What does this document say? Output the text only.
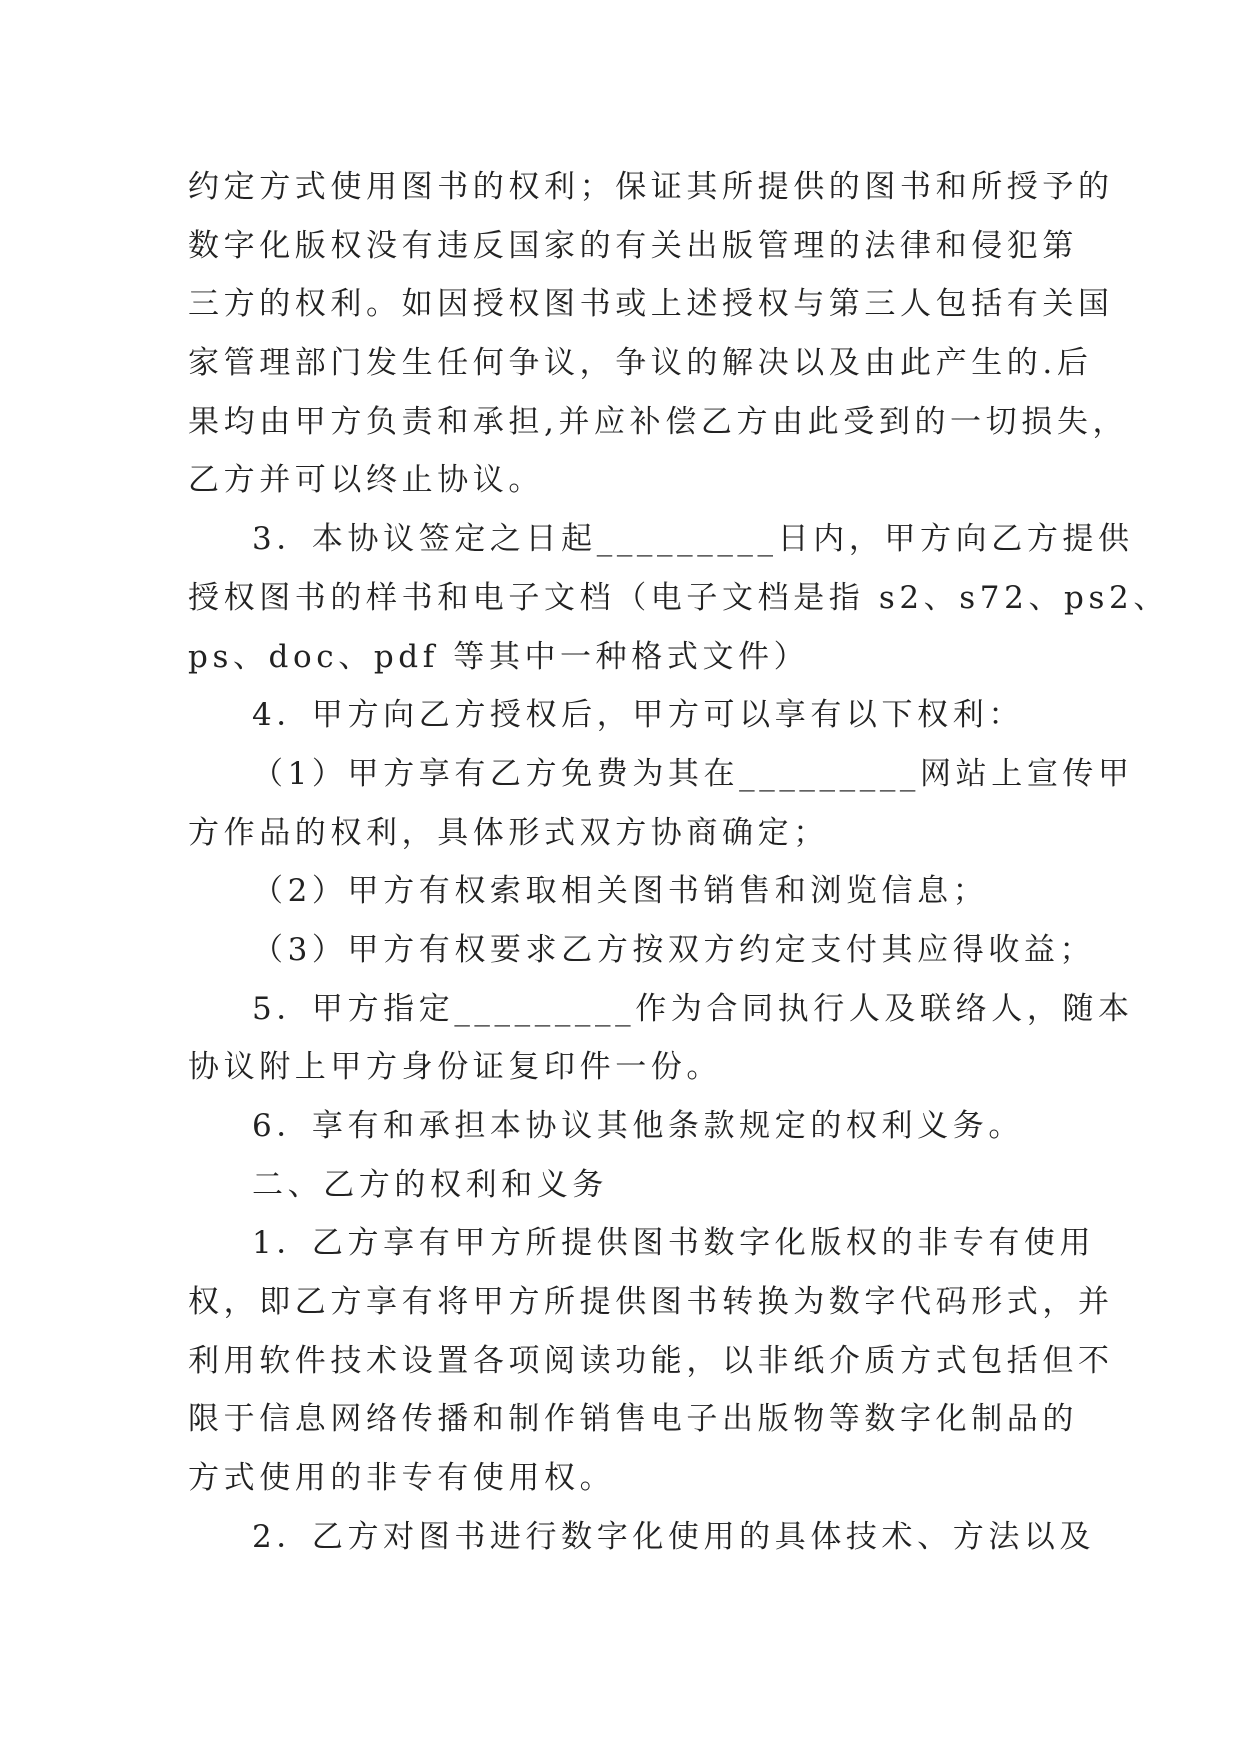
约定方式使用图书的权利；保证其所提供的图书和所授予的
数字化版权没有违反国家的有关出版管理的法律和侵犯第
三方的权利。如因授权图书或上述授权与第三人包括有关国
家管理部门发生任何争议，争议的解决以及由此产生的.后
果均由甲方负责和承担,并应补偿乙方由此受到的一切损失，
乙方并可以终止协议。
3．本协议签定之日起_________日内，甲方向乙方提供
授权图书的样书和电子文档（电子文档是指 s2、s72、ps2、
ps、doc、pdf 等其中一种格式文件）
4．甲方向乙方授权后，甲方可以享有以下权利：
（1）甲方享有乙方免费为其在_________网站上宣传甲
方作品的权利，具体形式双方协商确定；
（2）甲方有权索取相关图书销售和浏览信息；
（3）甲方有权要求乙方按双方约定支付其应得收益；
5．甲方指定_________作为合同执行人及联络人，随本
协议附上甲方身份证复印件一份。
6．享有和承担本协议其他条款规定的权利义务。
二、乙方的权利和义务
1．乙方享有甲方所提供图书数字化版权的非专有使用
权，即乙方享有将甲方所提供图书转换为数字代码形式，并
利用软件技术设置各项阅读功能，以非纸介质方式包括但不
限于信息网络传播和制作销售电子出版物等数字化制品的
方式使用的非专有使用权。
2．乙方对图书进行数字化使用的具体技术、方法以及
